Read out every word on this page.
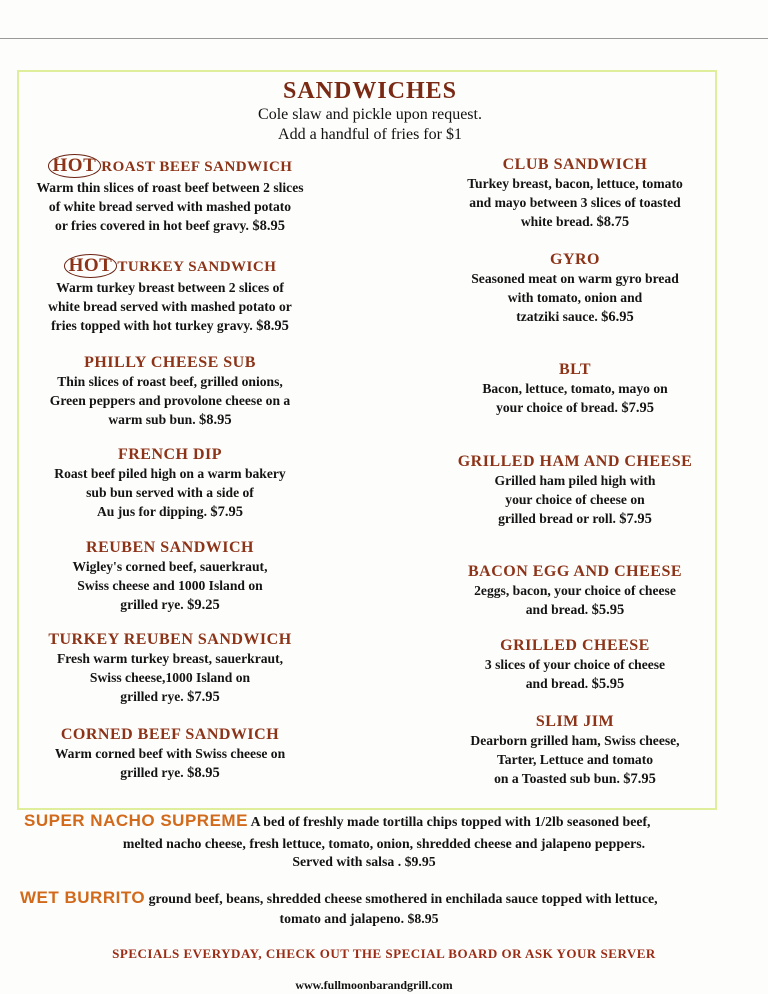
SANDWICHES
Cole slaw and pickle upon request.
Add a handful of fries for $1
HOT ROAST BEEF SANDWICH
Warm thin slices of roast beef between 2 slices
of white bread served with mashed potato
or fries covered in hot beef gravy. $8.95
HOT TURKEY SANDWICH
Warm turkey breast between 2 slices of
white bread served with mashed potato or
fries topped with hot turkey gravy. $8.95
PHILLY CHEESE SUB
Thin slices of roast beef, grilled onions,
Green peppers and provolone cheese on a
warm sub bun. $8.95
FRENCH DIP
Roast beef piled high on a warm bakery
sub bun served with a side of
Au jus for dipping. $7.95
REUBEN SANDWICH
Wigley's corned beef, sauerkraut,
Swiss cheese and 1000 Island on
grilled rye. $9.25
TURKEY REUBEN SANDWICH
Fresh warm turkey breast, sauerkraut,
Swiss cheese,1000 Island on
grilled rye. $7.95
CORNED BEEF SANDWICH
Warm corned beef with Swiss cheese on
grilled rye. $8.95
CLUB SANDWICH
Turkey breast, bacon, lettuce, tomato
and mayo between 3 slices of toasted
white bread. $8.75
GYRO
Seasoned meat on warm gyro bread
with tomato, onion and
tzatziki sauce. $6.95
BLT
Bacon, lettuce, tomato, mayo on
your choice of bread. $7.95
GRILLED HAM AND CHEESE
Grilled ham piled high with
your choice of cheese on
grilled bread or roll. $7.95
BACON EGG AND CHEESE
2eggs, bacon, your choice of cheese
and bread. $5.95
GRILLED CHEESE
3 slices of your choice of cheese
and bread. $5.95
SLIM JIM
Dearborn grilled ham, Swiss cheese,
Tarter, Lettuce and tomato
on a Toasted sub bun. $7.95
SUPER NACHO SUPREME A bed of freshly made tortilla chips topped with 1/2lb seasoned beef,
melted nacho cheese, fresh lettuce, tomato, onion, shredded cheese and jalapeno peppers.
Served with salsa . $9.95
WET BURRITO ground beef, beans, shredded cheese smothered in enchilada sauce topped with lettuce,
tomato and jalapeno. $8.95
SPECIALS EVERYDAY, CHECK OUT THE SPECIAL BOARD OR ASK YOUR SERVER
www.fullmoonbarandgrill.com
